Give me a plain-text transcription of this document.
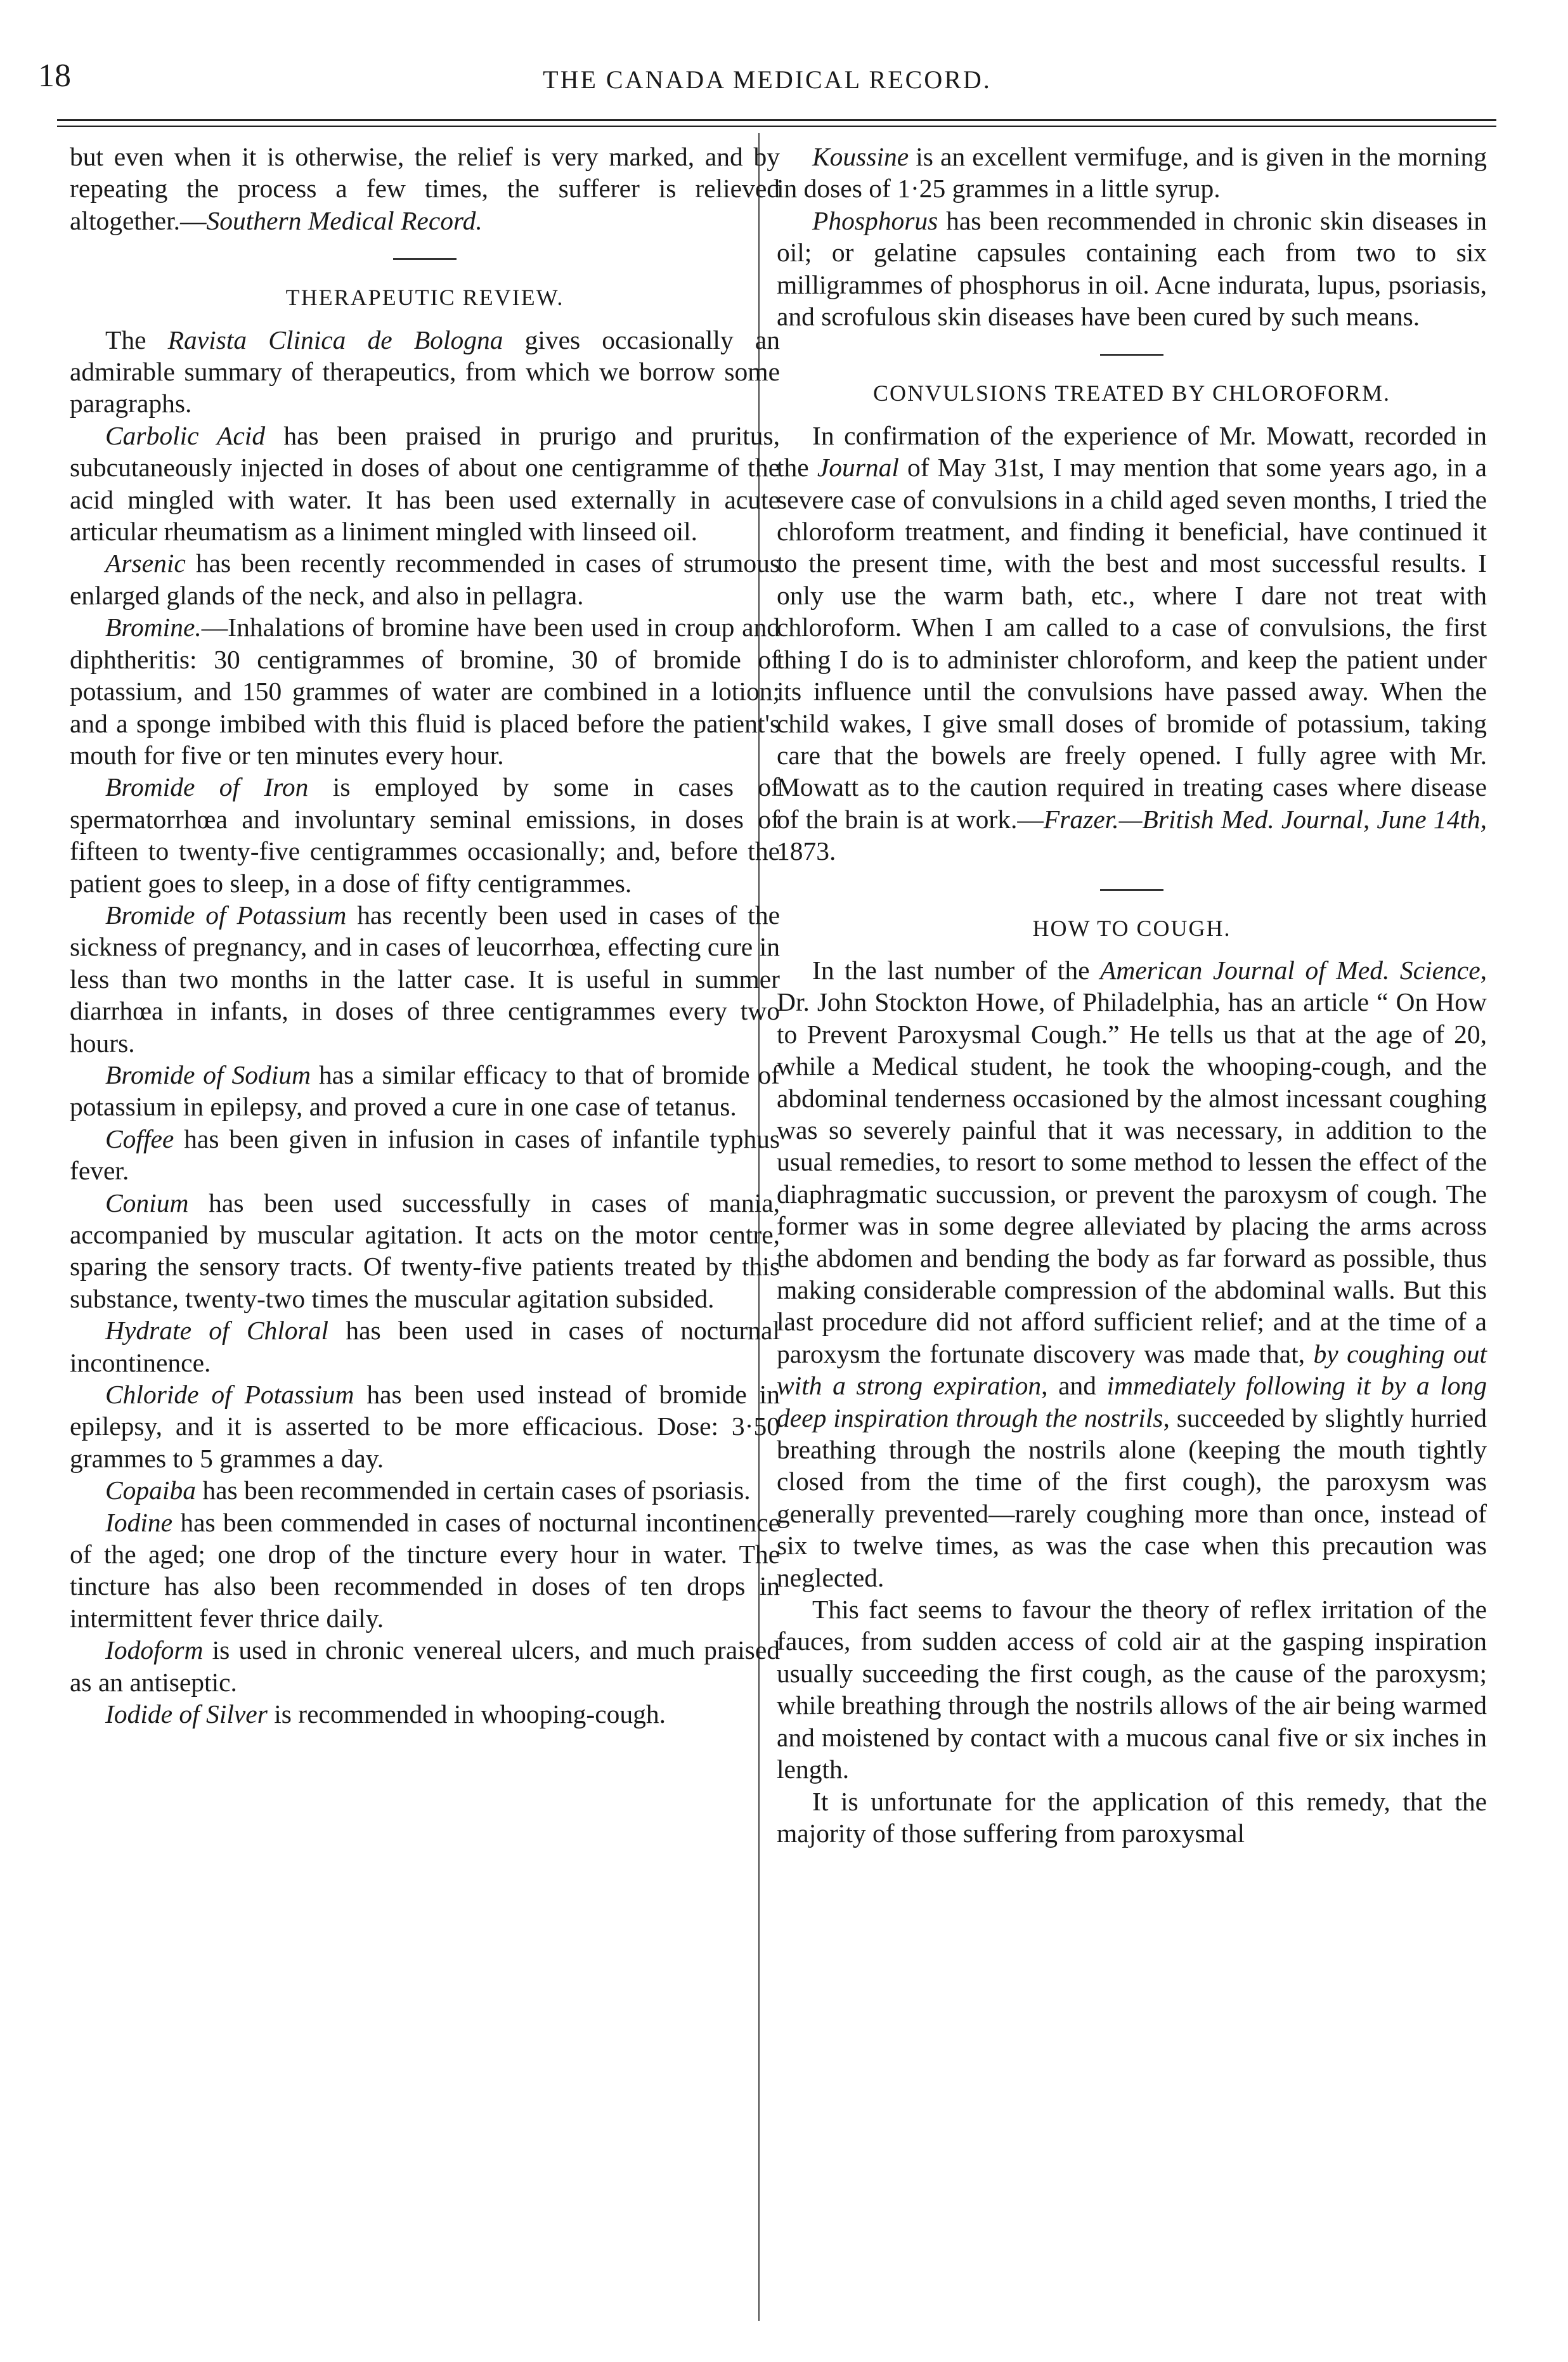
18	THE CANADA MEDICAL RECORD.

but even when it is otherwise, the relief is very marked, and by repeating the process a few times, the sufferer is relieved altogether.—Southern Medical Record.

THERAPEUTIC REVIEW.

The Ravista Clinica de Bologna gives occasionally an admirable summary of therapeutics, from which we borrow some paragraphs.

Carbolic Acid has been praised in prurigo and pruritus, subcutaneously injected in doses of about one centigramme of the acid mingled with water. It has been used externally in acute articular rheumatism as a liniment mingled with linseed oil.

Arsenic has been recently recommended in cases of strumous enlarged glands of the neck, and also in pellagra.

Bromine.—Inhalations of bromine have been used in croup and diphtheritis: 30 centigrammes of bromine, 30 of bromide of potassium, and 150 grammes of water are combined in a lotion; and a sponge imbibed with this fluid is placed before the patient's mouth for five or ten minutes every hour.

Bromide of Iron is employed by some in cases of spermatorrhœa and involuntary seminal emissions, in doses of fifteen to twenty-five centigrammes occasionally; and, before the patient goes to sleep, in a dose of fifty centigrammes.

Bromide of Potassium has recently been used in cases of the sickness of pregnancy, and in cases of leucorrhœa, effecting cure in less than two months in the latter case. It is useful in summer diarrhœa in infants, in doses of three centigrammes every two hours.

Bromide of Sodium has a similar efficacy to that of bromide of potassium in epilepsy, and proved a cure in one case of tetanus.

Coffee has been given in infusion in cases of infantile typhus fever.

Conium has been used successfully in cases of mania, accompanied by muscular agitation. It acts on the motor centre, sparing the sensory tracts. Of twenty-five patients treated by this substance, twenty-two times the muscular agitation subsided.

Hydrate of Chloral has been used in cases of nocturnal incontinence.

Chloride of Potassium has been used instead of bromide in epilepsy, and it is asserted to be more efficacious. Dose: 3·50 grammes to 5 grammes a day.

Copaiba has been recommended in certain cases of psoriasis.

Iodine has been commended in cases of nocturnal incontinence of the aged; one drop of the tincture every hour in water. The tincture has also been recommended in doses of ten drops in intermittent fever thrice daily.

Iodoform is used in chronic venereal ulcers, and much praised as an antiseptic.

Iodide of Silver is recommended in whooping-cough.

Koussine is an excellent vermifuge, and is given in the morning in doses of 1·25 grammes in a little syrup.

Phosphorus has been recommended in chronic skin diseases in oil; or gelatine capsules containing each from two to six milligrammes of phosphorus in oil. Acne indurata, lupus, psoriasis, and scrofulous skin diseases have been cured by such means.

CONVULSIONS TREATED BY CHLOROFORM.

In confirmation of the experience of Mr. Mowatt, recorded in the Journal of May 31st, I may mention that some years ago, in a severe case of convulsions in a child aged seven months, I tried the chloroform treatment, and finding it beneficial, have continued it to the present time, with the best and most successful results. I only use the warm bath, etc., where I dare not treat with chloroform. When I am called to a case of convulsions, the first thing I do is to administer chloroform, and keep the patient under its influence until the convulsions have passed away. When the child wakes, I give small doses of bromide of potassium, taking care that the bowels are freely opened. I fully agree with Mr. Mowatt as to the caution required in treating cases where disease of the brain is at work.—Frazer.—British Med. Journal, June 14th, 1873.

HOW TO COUGH.

In the last number of the American Journal of Med. Science, Dr. John Stockton Howe, of Philadelphia, has an article “ On How to Prevent Paroxysmal Cough.” He tells us that at the age of 20, while a Medical student, he took the whooping-cough, and the abdominal tenderness occasioned by the almost incessant coughing was so severely painful that it was necessary, in addition to the usual remedies, to resort to some method to lessen the effect of the diaphragmatic succussion, or prevent the paroxysm of cough. The former was in some degree alleviated by placing the arms across the abdomen and bending the body as far forward as possible, thus making considerable compression of the abdominal walls. But this last procedure did not afford sufficient relief; and at the time of a paroxysm the fortunate discovery was made that, by coughing out with a strong expiration, and immediately following it by a long deep inspiration through the nostrils, succeeded by slightly hurried breathing through the nostrils alone (keeping the mouth tightly closed from the time of the first cough), the paroxysm was generally prevented—rarely coughing more than once, instead of six to twelve times, as was the case when this precaution was neglected.

This fact seems to favour the theory of reflex irritation of the fauces, from sudden access of cold air at the gasping inspiration usually succeeding the first cough, as the cause of the paroxysm; while breathing through the nostrils allows of the air being warmed and moistened by contact with a mucous canal five or six inches in length.

It is unfortunate for the application of this remedy, that the majority of those suffering from paroxysmal
